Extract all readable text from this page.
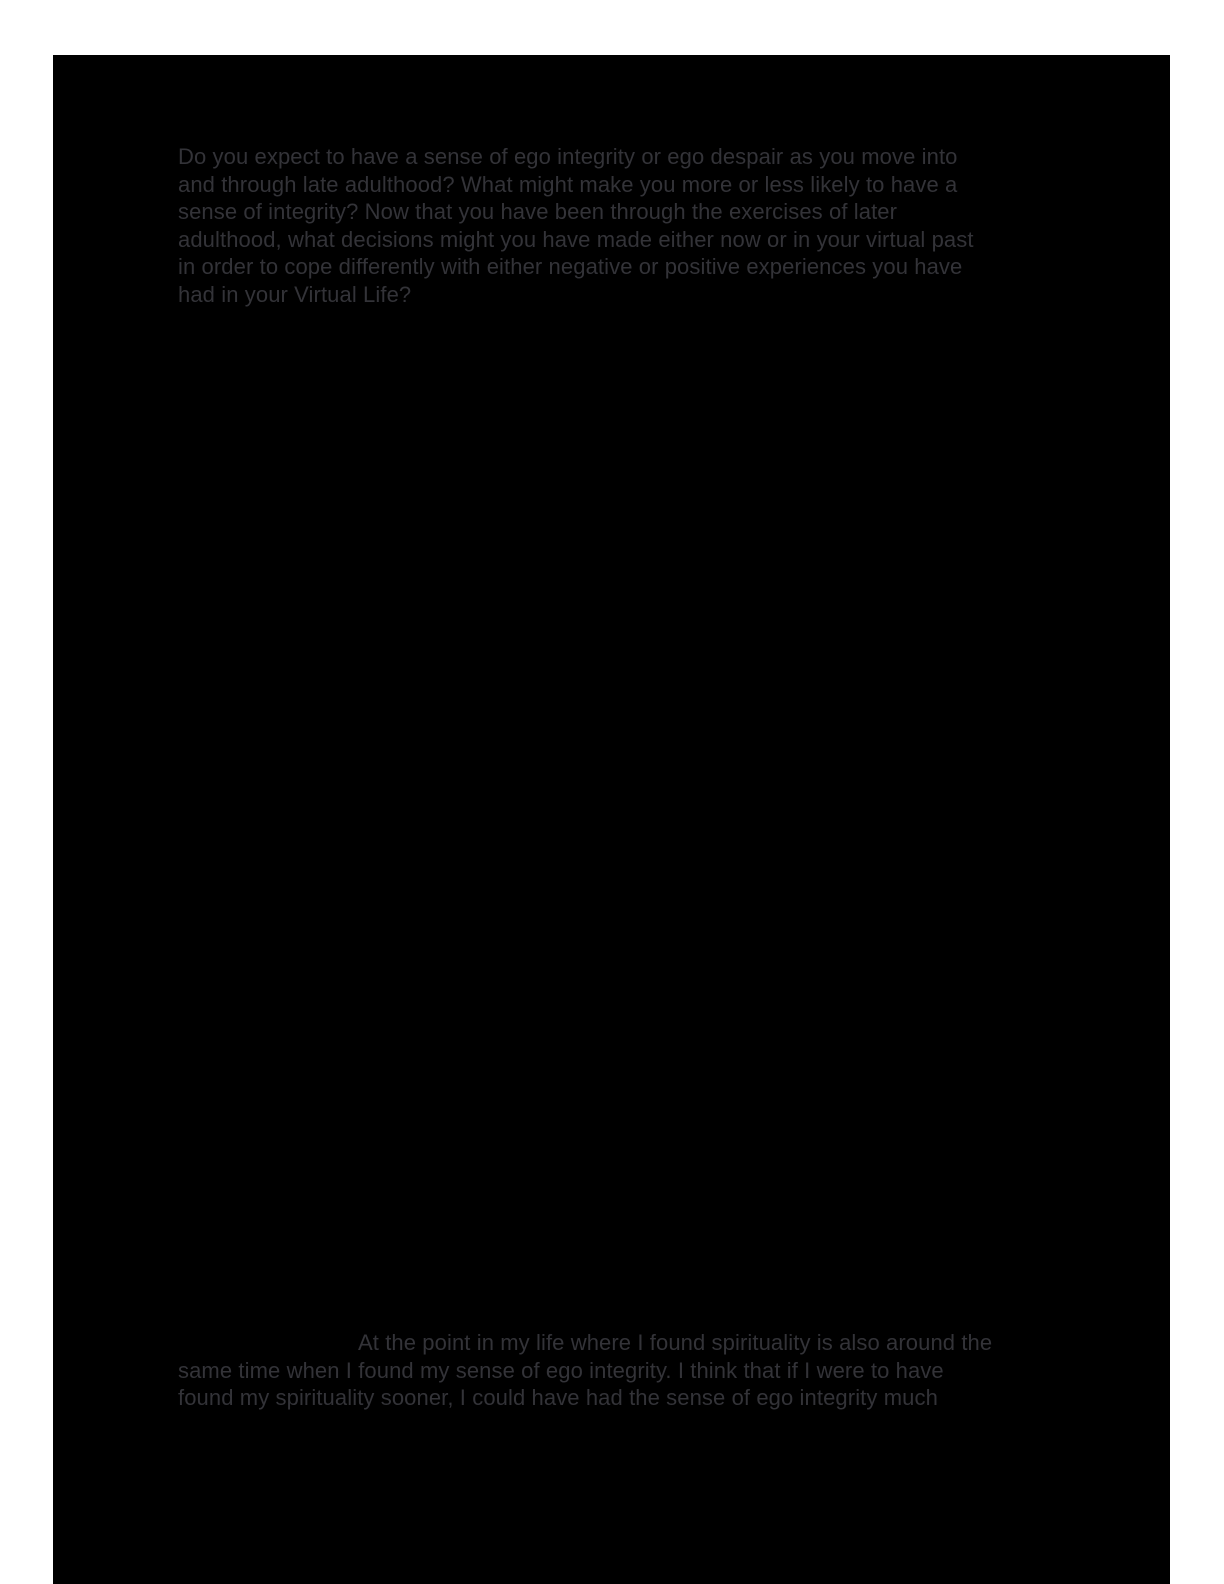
Do you expect to have a sense of ego integrity or ego despair as you move into
and through late adulthood? What might make you more or less likely to have a
sense of integrity? Now that you have been through the exercises of later
adulthood, what decisions might you have made either now or in your virtual past
in order to cope differently with either negative or positive experiences you have
had in your Virtual Life?
At the point in my life where I found spirituality is also around the
same time when I found my sense of ego integrity. I think that if I were to have
found my spirituality sooner, I could have had the sense of ego integrity much
